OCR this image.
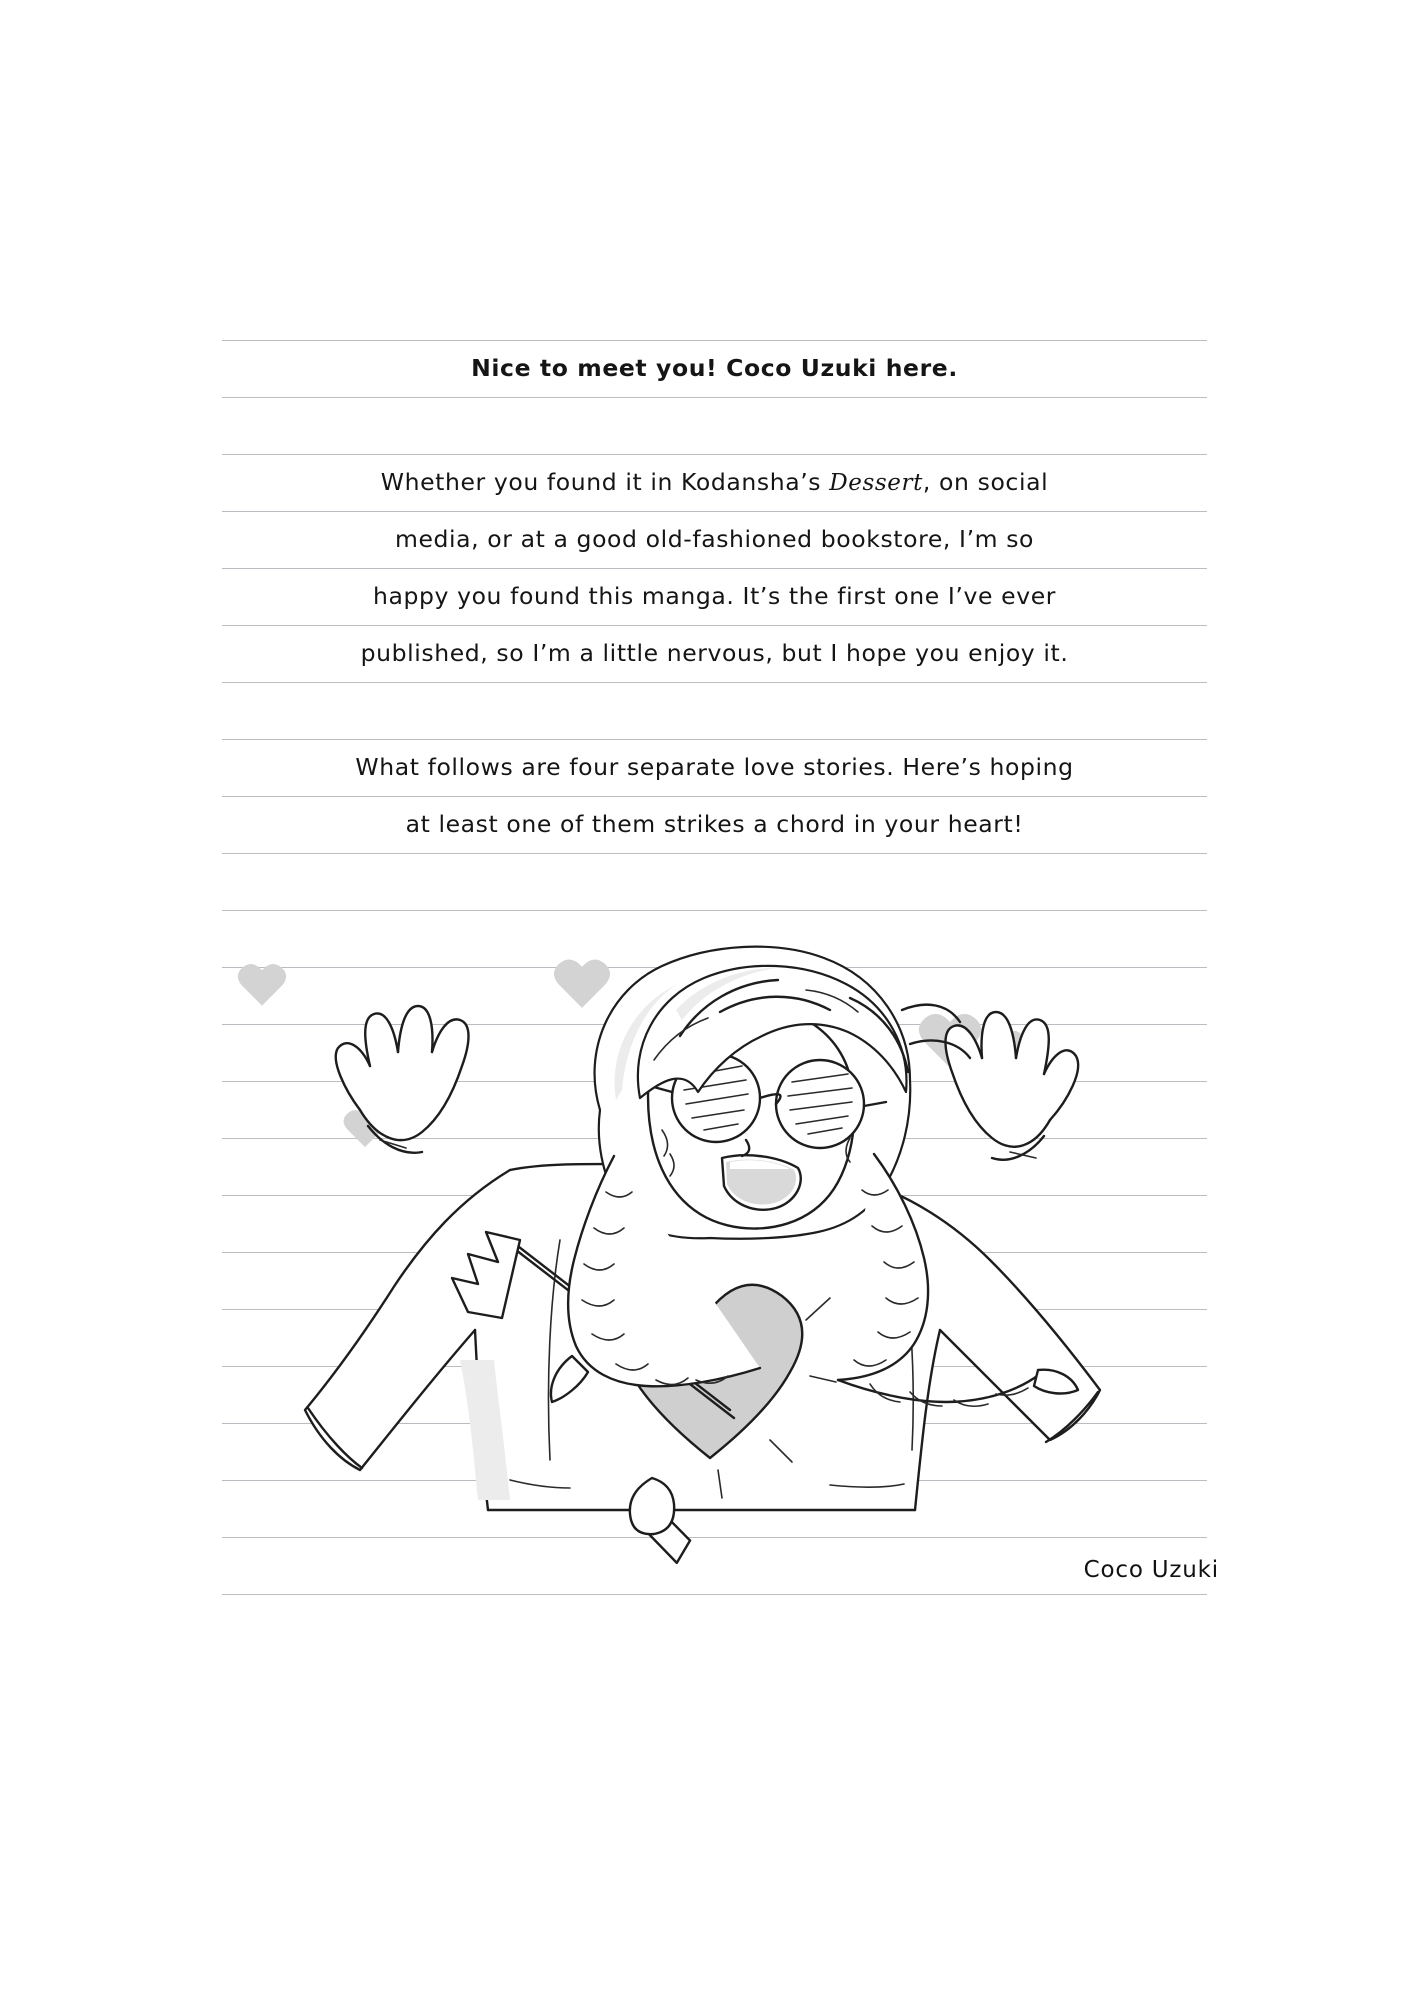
Nice to meet you! Coco Uzuki here.
Whether you found it in Kodansha’s Dessert, on social
media, or at a good old-fashioned bookstore, I’m so
happy you found this manga. It’s the first one I’ve ever
published, so I’m a little nervous, but I hope you enjoy it.
What follows are four separate love stories. Here’s hoping
at least one of them strikes a chord in your heart!
Coco Uzuki
